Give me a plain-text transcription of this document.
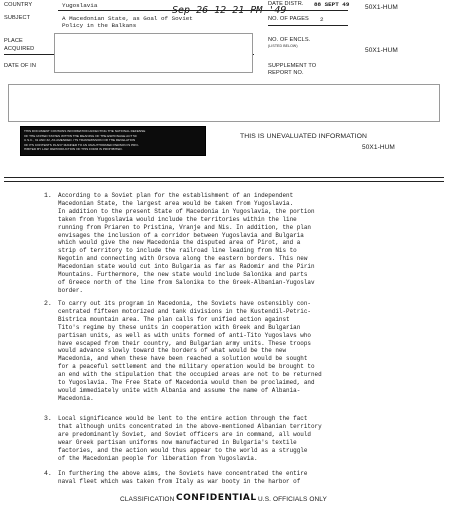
COUNTRY	Yugoslavia
SUBJECT	A Macedonian State, as Goal of Soviet
Policy in the Balkans
Sep 26 12 21 PM '49
PLACE
ACQUIRED
DATE OF IN
DATE DISTR. 88 SEPT 49 50X1-HUM
NO. OF PAGES 2
NO. OF ENCLS.
(LISTED BELOW)
50X1-HUM
SUPPLEMENT TO
REPORT NO.
THIS DOCUMENT CONTAINS INFORMATION AFFECTING THE NATIONAL DEFENSE
OF THE UNITED STATES WITHIN THE MEANING OF THE ESPIONAGE ACT 50
U.S.C., 31 AND 32, AS AMENDED. ITS TRANSMISSION OR THE REVELATION
OF ITS CONTENTS IN ANY MANNER TO AN UNAUTHORIZED PERSON IS PRO-
HIBITED BY LAW. REPRODUCTION OF THIS FORM IS PROHIBITED.
THIS IS UNEVALUATED INFORMATION
50X1-HUM
1. According to a Soviet plan for the establishment of an independent
Macedonian State, the largest area would be taken from Yugoslavia.
In addition to the present State of Macedonia in Yugoslavia, the portion
taken from Yugoslavia would include the territories within the line
running from Priaren to Pristina, Vranje and Nis. In addition, the plan
envisages the inclusion of a corridor between Yugoslavia and Bulgaria
which would give the new Macedonia the disputed area of Pirot, and a
strip of territory to include the railroad line leading from Nis to
Negotin and connecting with Orsova along the eastern borders. This new
Macedonian state would cut into Bulgaria as far as Radomir and the Pirin
Mountains. Furthermore, the new state would include Salonika and parts
of Greece north of the line from Salonika to the Greek-Albanian-Yugoslav
border.
2. To carry out its program in Macedonia, the Soviets have ostensibly con-
centrated fifteen motorized and tank divisions in the Kustendil-Petric-
Bistrica mountain area. The plan calls for unified action against
Tito's regime by these units in cooperation with Greek and Bulgarian
partisan units, as well as with units formed of anti-Tito Yugoslavs who
have escaped from their country, and Bulgarian army units. These troops
would advance slowly toward the borders of what would be the new
Macedonia, and when these have been reached a solution would be sought
for a peaceful settlement and the military operation would be brought to
an end with the stipulation that the occupied areas are not to be returned
to Yugoslavia. The Free State of Macedonia would then be proclaimed, and
would immediately unite with Albania and assume the name of Albania-
Macedonia.
3. Local significance would be lent to the entire action through the fact
that although units concentrated in the above-mentioned Albanian territory
are predominantly Soviet, and Soviet officers are in command, all would
wear Greek partisan uniforms now manufactured in Bulgaria's textile
factories, and the action would thus appear to the world as a struggle
of the Macedonian people for liberation from Yugoslavia.
4. In furthering the above aims, the Soviets have concentrated the entire
naval fleet which was taken from Italy as war booty in the harbor of
CLASSIFICATION CONFIDENTIAL U.S. OFFICIALS ONLY
